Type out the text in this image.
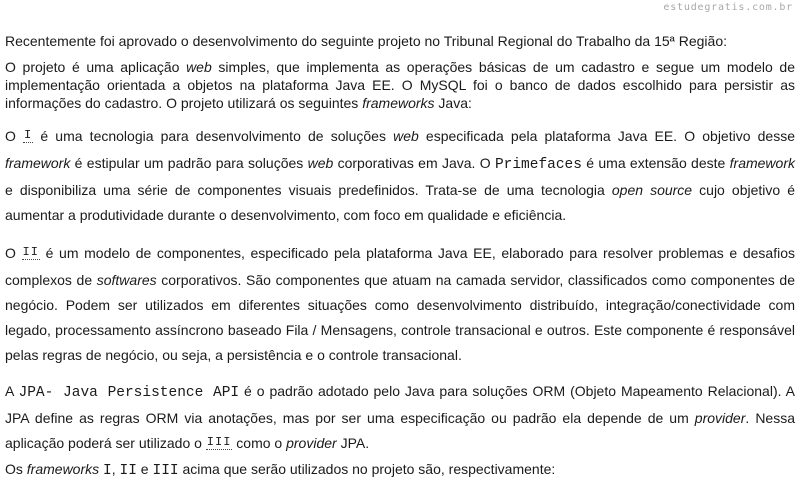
estudegratis.com.br

Recentemente foi aprovado o desenvolvimento do seguinte projeto no Tribunal Regional do Trabalho da 15ª Região:

O projeto é uma aplicação web simples, que implementa as operações básicas de um cadastro e segue um modelo de implementação orientada a objetos na plataforma Java EE. O MySQL foi o banco de dados escolhido para persistir as informações do cadastro. O projeto utilizará os seguintes frameworks Java:

O I é uma tecnologia para desenvolvimento de soluções web especificada pela plataforma Java EE. O objetivo desse framework é estipular um padrão para soluções web corporativas em Java. O Primefaces é uma extensão deste framework e disponibiliza uma série de componentes visuais predefinidos. Trata-se de uma tecnologia open source cujo objetivo é aumentar a produtividade durante o desenvolvimento, com foco em qualidade e eficiência.

O II é um modelo de componentes, especificado pela plataforma Java EE, elaborado para resolver problemas e desafios complexos de softwares corporativos. São componentes que atuam na camada servidor, classificados como componentes de negócio. Podem ser utilizados em diferentes situações como desenvolvimento distribuído, integração/conectividade com legado, processamento assíncrono baseado Fila / Mensagens, controle transacional e outros. Este componente é responsável pelas regras de negócio, ou seja, a persistência e o controle transacional.

A JPA- Java Persistence API é o padrão adotado pelo Java para soluções ORM (Objeto Mapeamento Relacional). A JPA define as regras ORM via anotações, mas por ser uma especificação ou padrão ela depende de um provider. Nessa aplicação poderá ser utilizado o III como o provider JPA.

Os frameworks I, II e III acima que serão utilizados no projeto são, respectivamente:
